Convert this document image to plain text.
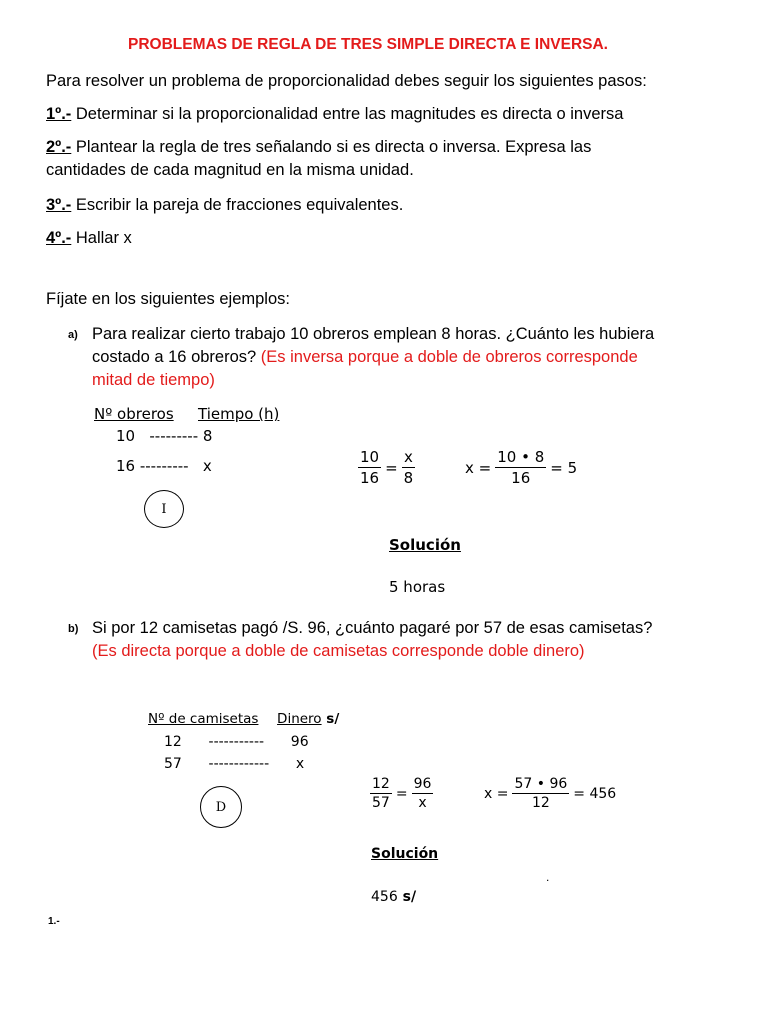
PROBLEMAS DE REGLA DE TRES SIMPLE DIRECTA E INVERSA.
Para resolver un problema de proporcionalidad debes seguir los siguientes pasos:
1º.- Determinar si la proporcionalidad entre las magnitudes es directa o inversa
2º.- Plantear la regla de tres señalando si es directa o inversa. Expresa las
cantidades de cada magnitud en la misma unidad.
3º.- Escribir la pareja de fracciones equivalentes.
4º.- Hallar x
Fíjate en los siguientes ejemplos:
a) Para realizar cierto trabajo 10 obreros emplean 8 horas. ¿Cuánto les hubiera
costado a 16 obreros? (Es inversa porque a doble de obreros corresponde
mitad de tiempo)
Nº obreros Tiempo (h)
10   --------- 8
16 ---------   x
I
$\frac{10}{16} = \frac{x}{8}$	$x = \frac{10 • 8}{16} = 5$
Solución
5 horas
b) Si por 12 camisetas pagó /S. 96, ¿cuánto pagaré por 57 de esas camisetas?
(Es directa porque a doble de camisetas corresponde doble dinero)
Nº de camisetas Dinero s/
12      -----------      96
57      ------------      x
D	$\frac{12}{57} = \frac{96}{x}$	$x = \frac{57 • 96}{12} = 456$
Solución
456 s/
.
1.-
